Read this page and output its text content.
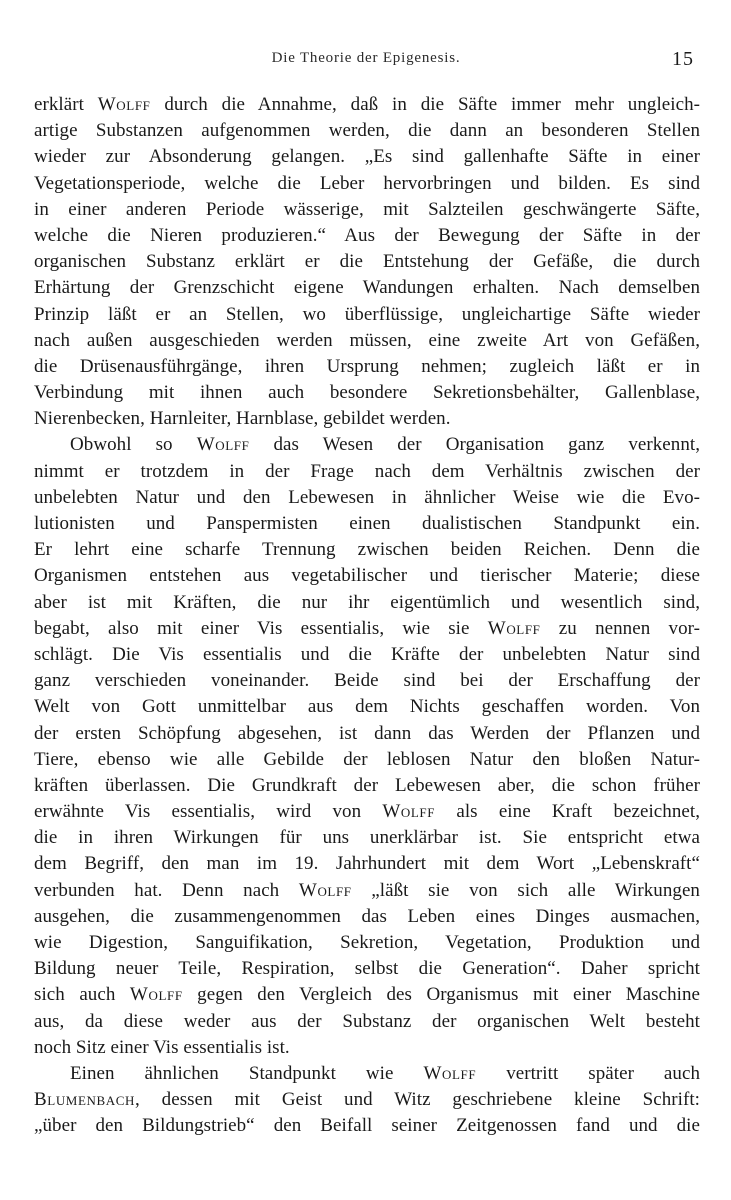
Die Theorie der Epigenesis.	15
erklärt Wolff durch die Annahme, daß in die Säfte immer mehr ungleich-
artige Substanzen aufgenommen werden, die dann an besonderen Stellen
wieder zur Absonderung gelangen. „Es sind gallenhafte Säfte in einer
Vegetationsperiode, welche die Leber hervorbringen und bilden. Es sind
in einer anderen Periode wässerige, mit Salzteilen geschwängerte Säfte,
welche die Nieren produzieren.“ Aus der Bewegung der Säfte in der
organischen Substanz erklärt er die Entstehung der Gefäße, die durch
Erhärtung der Grenzschicht eigene Wandungen erhalten. Nach demselben
Prinzip läßt er an Stellen, wo überflüssige, ungleichartige Säfte wieder
nach außen ausgeschieden werden müssen, eine zweite Art von Gefäßen,
die Drüsenausführgänge, ihren Ursprung nehmen; zugleich läßt er in
Verbindung mit ihnen auch besondere Sekretionsbehälter, Gallenblase,
Nierenbecken, Harnleiter, Harnblase, gebildet werden.
Obwohl so Wolff das Wesen der Organisation ganz verkennt,
nimmt er trotzdem in der Frage nach dem Verhältnis zwischen der
unbelebten Natur und den Lebewesen in ähnlicher Weise wie die Evo-
lutionisten und Panspermisten einen dualistischen Standpunkt ein.
Er lehrt eine scharfe Trennung zwischen beiden Reichen. Denn die
Organismen entstehen aus vegetabilischer und tierischer Materie; diese
aber ist mit Kräften, die nur ihr eigentümlich und wesentlich sind,
begabt, also mit einer Vis essentialis, wie sie Wolff zu nennen vor-
schlägt. Die Vis essentialis und die Kräfte der unbelebten Natur sind
ganz verschieden voneinander. Beide sind bei der Erschaffung der
Welt von Gott unmittelbar aus dem Nichts geschaffen worden. Von
der ersten Schöpfung abgesehen, ist dann das Werden der Pflanzen und
Tiere, ebenso wie alle Gebilde der leblosen Natur den bloßen Natur-
kräften überlassen. Die Grundkraft der Lebewesen aber, die schon früher
erwähnte Vis essentialis, wird von Wolff als eine Kraft bezeichnet,
die in ihren Wirkungen für uns unerklärbar ist. Sie entspricht etwa
dem Begriff, den man im 19. Jahrhundert mit dem Wort „Lebenskraft“
verbunden hat. Denn nach Wolff „läßt sie von sich alle Wirkungen
ausgehen, die zusammengenommen das Leben eines Dinges ausmachen,
wie Digestion, Sanguifikation, Sekretion, Vegetation, Produktion und
Bildung neuer Teile, Respiration, selbst die Generation“. Daher spricht
sich auch Wolff gegen den Vergleich des Organismus mit einer Maschine
aus, da diese weder aus der Substanz der organischen Welt besteht
noch Sitz einer Vis essentialis ist.
Einen ähnlichen Standpunkt wie Wolff vertritt später auch
Blumenbach, dessen mit Geist und Witz geschriebene kleine Schrift:
„über den Bildungstrieb“ den Beifall seiner Zeitgenossen fand und die
